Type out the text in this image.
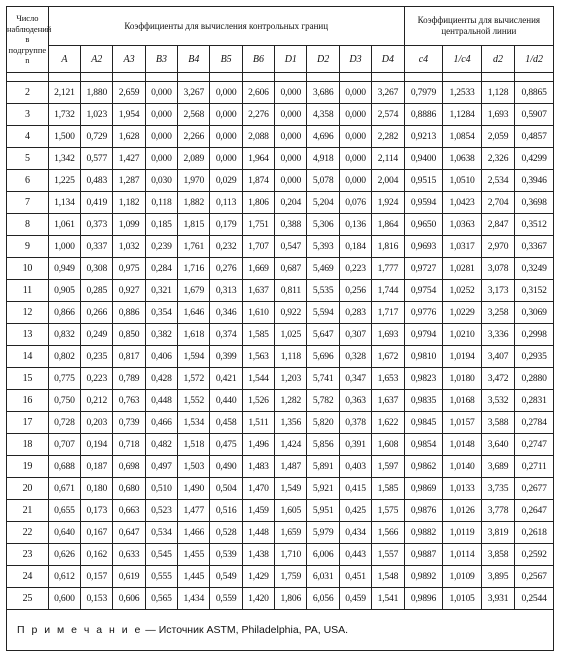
Число наблюдений в подгруппе n	Коэффициенты для вычисления контрольных границ											Коэффициенты для вычисления центральной линии			
	A	A2	A3	B3	B4	B5	B6	D1	D2	D3	D4	c4	1/c4	d2	1/d2

2	2,121	1,880	2,659	0,000	3,267	0,000	2,606	0,000	3,686	0,000	3,267	0,7979	1,2533	1,128	0,8865
3	1,732	1,023	1,954	0,000	2,568	0,000	2,276	0,000	4,358	0,000	2,574	0,8886	1,1284	1,693	0,5907
4	1,500	0,729	1,628	0,000	2,266	0,000	2,088	0,000	4,696	0,000	2,282	0,9213	1,0854	2,059	0,4857
5	1,342	0,577	1,427	0,000	2,089	0,000	1,964	0,000	4,918	0,000	2,114	0,9400	1,0638	2,326	0,4299
6	1,225	0,483	1,287	0,030	1,970	0,029	1,874	0,000	5,078	0,000	2,004	0,9515	1,0510	2,534	0,3946
7	1,134	0,419	1,182	0,118	1,882	0,113	1,806	0,204	5,204	0,076	1,924	0,9594	1,0423	2,704	0,3698
8	1,061	0,373	1,099	0,185	1,815	0,179	1,751	0,388	5,306	0,136	1,864	0,9650	1,0363	2,847	0,3512
9	1,000	0,337	1,032	0,239	1,761	0,232	1,707	0,547	5,393	0,184	1,816	0,9693	1,0317	2,970	0,3367
10	0,949	0,308	0,975	0,284	1,716	0,276	1,669	0,687	5,469	0,223	1,777	0,9727	1,0281	3,078	0,3249
11	0,905	0,285	0,927	0,321	1,679	0,313	1,637	0,811	5,535	0,256	1,744	0,9754	1,0252	3,173	0,3152
12	0,866	0,266	0,886	0,354	1,646	0,346	1,610	0,922	5,594	0,283	1,717	0,9776	1,0229	3,258	0,3069
13	0,832	0,249	0,850	0,382	1,618	0,374	1,585	1,025	5,647	0,307	1,693	0,9794	1,0210	3,336	0,2998
14	0,802	0,235	0,817	0,406	1,594	0,399	1,563	1,118	5,696	0,328	1,672	0,9810	1,0194	3,407	0,2935
15	0,775	0,223	0,789	0,428	1,572	0,421	1,544	1,203	5,741	0,347	1,653	0,9823	1,0180	3,472	0,2880
16	0,750	0,212	0,763	0,448	1,552	0,440	1,526	1,282	5,782	0,363	1,637	0,9835	1,0168	3,532	0,2831
17	0,728	0,203	0,739	0,466	1,534	0,458	1,511	1,356	5,820	0,378	1,622	0,9845	1,0157	3,588	0,2784
18	0,707	0,194	0,718	0,482	1,518	0,475	1,496	1,424	5,856	0,391	1,608	0,9854	1,0148	3,640	0,2747
19	0,688	0,187	0,698	0,497	1,503	0,490	1,483	1,487	5,891	0,403	1,597	0,9862	1,0140	3,689	0,2711
20	0,671	0,180	0,680	0,510	1,490	0,504	1,470	1,549	5,921	0,415	1,585	0,9869	1,0133	3,735	0,2677
21	0,655	0,173	0,663	0,523	1,477	0,516	1,459	1,605	5,951	0,425	1,575	0,9876	1,0126	3,778	0,2647
22	0,640	0,167	0,647	0,534	1,466	0,528	1,448	1,659	5,979	0,434	1,566	0,9882	1,0119	3,819	0,2618
23	0,626	0,162	0,633	0,545	1,455	0,539	1,438	1,710	6,006	0,443	1,557	0,9887	1,0114	3,858	0,2592
24	0,612	0,157	0,619	0,555	1,445	0,549	1,429	1,759	6,031	0,451	1,548	0,9892	1,0109	3,895	0,2567
25	0,600	0,153	0,606	0,565	1,434	0,559	1,420	1,806	6,056	0,459	1,541	0,9896	1,0105	3,931	0,2544
П р и м е ч а н и е — Источник ASTM, Philadelphia, PA, USA.															
